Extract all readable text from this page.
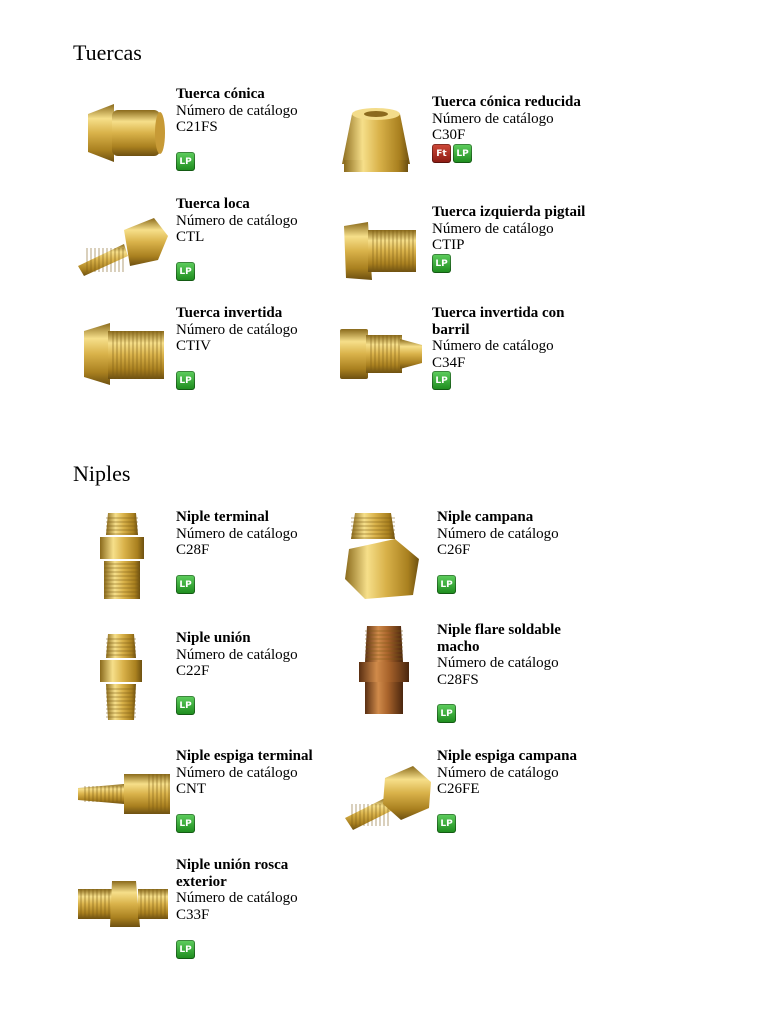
Tuercas
Niples
Tuerca cónica
Número de catálogo
C21FS
LP
Tuerca cónica reducida
Número de catálogo
C30F
Ft	LP
Tuerca loca
Número de catálogo
CTL
LP
Tuerca izquierda pigtail
Número de catálogo
CTIP
LP
Tuerca invertida
Número de catálogo
CTIV
LP
Tuerca invertida con barril
Número de catálogo
C34F
LP
Niple terminal
Número de catálogo
C28F
LP
Niple campana
Número de catálogo
C26F
LP
Niple unión
Número de catálogo
C22F
LP
Niple flare soldable macho
Número de catálogo
C28FS
LP
Niple espiga terminal
Número de catálogo
CNT
LP
Niple espiga campana
Número de catálogo
C26FE
LP
Niple unión rosca exterior
Número de catálogo
C33F
LP
